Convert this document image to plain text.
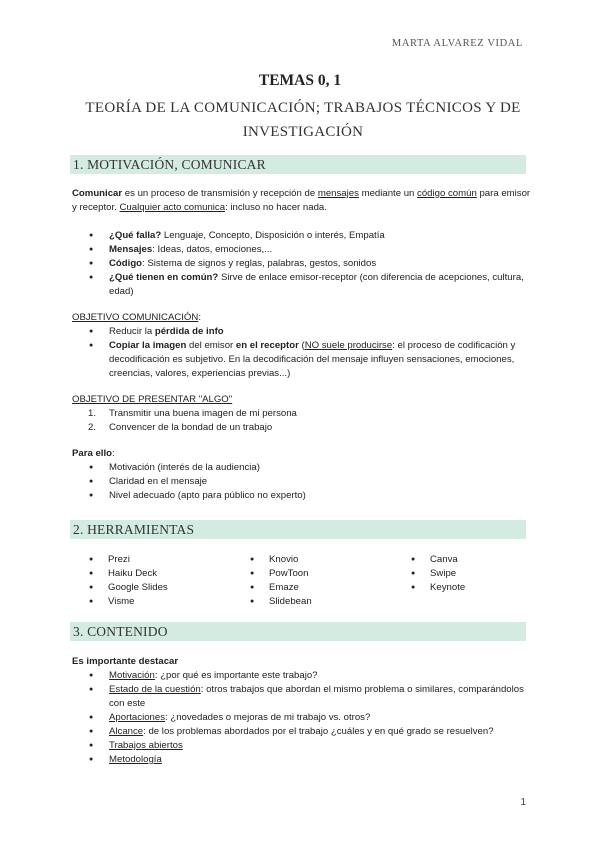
MARTA ALVAREZ VIDAL
TEMAS 0, 1
TEORÍA DE LA COMUNICACIÓN; TRABAJOS TÉCNICOS Y DE INVESTIGACIÓN
1. MOTIVACIÓN, COMUNICAR

Comunicar es un proceso de transmisión y recepción de mensajes mediante un código común para emisor y receptor. Cualquier acto comunica: incluso no hacer nada.

● ¿Qué falla? Lenguaje, Concepto, Disposición o interés, Empatía
● Mensajes: Ideas, datos, emociones,...
● Código: Sistema de signos y reglas, palabras, gestos, sonidos
● ¿Qué tienen en común? Sirve de enlace emisor-receptor (con diferencia de acepciones, cultura, edad)

OBJETIVO COMUNICACIÓN:

● Reducir la pérdida de info
● Copiar la imagen del emisor en el receptor (NO suele producirse: el proceso de codificación y decodificación es subjetivo. En la decodificación del mensaje influyen sensaciones, emociones, creencias, valores, experiencias previas...)

OBJETIVO DE PRESENTAR "ALGO"

1. Transmitir una buena imagen de mi persona
2. Convencer de la bondad de un trabajo

Para ello:

● Motivación (interés de la audiencia)
● Claridad en el mensaje
● Nivel adecuado (apto para público no experto)
2. HERRAMIENTAS
● Prezi
● Haiku Deck
● Google Slides
● Visme
● Knovio
● PowToon
● Emaze
● Slidebean
● Canva
● Swipe
● Keynote
3. CONTENIDO

Es importante destacar

● Motivación: ¿por qué es importante este trabajo?
● Estado de la cuestión: otros trabajos que abordan el mismo problema o similares, comparándolos con este
● Aportaciones: ¿novedades o mejoras de mi trabajo vs. otros?
● Alcance: de los problemas abordados por el trabajo ¿cuáles y en qué grado se resuelven?
● Trabajos abiertos
● Metodología
1
